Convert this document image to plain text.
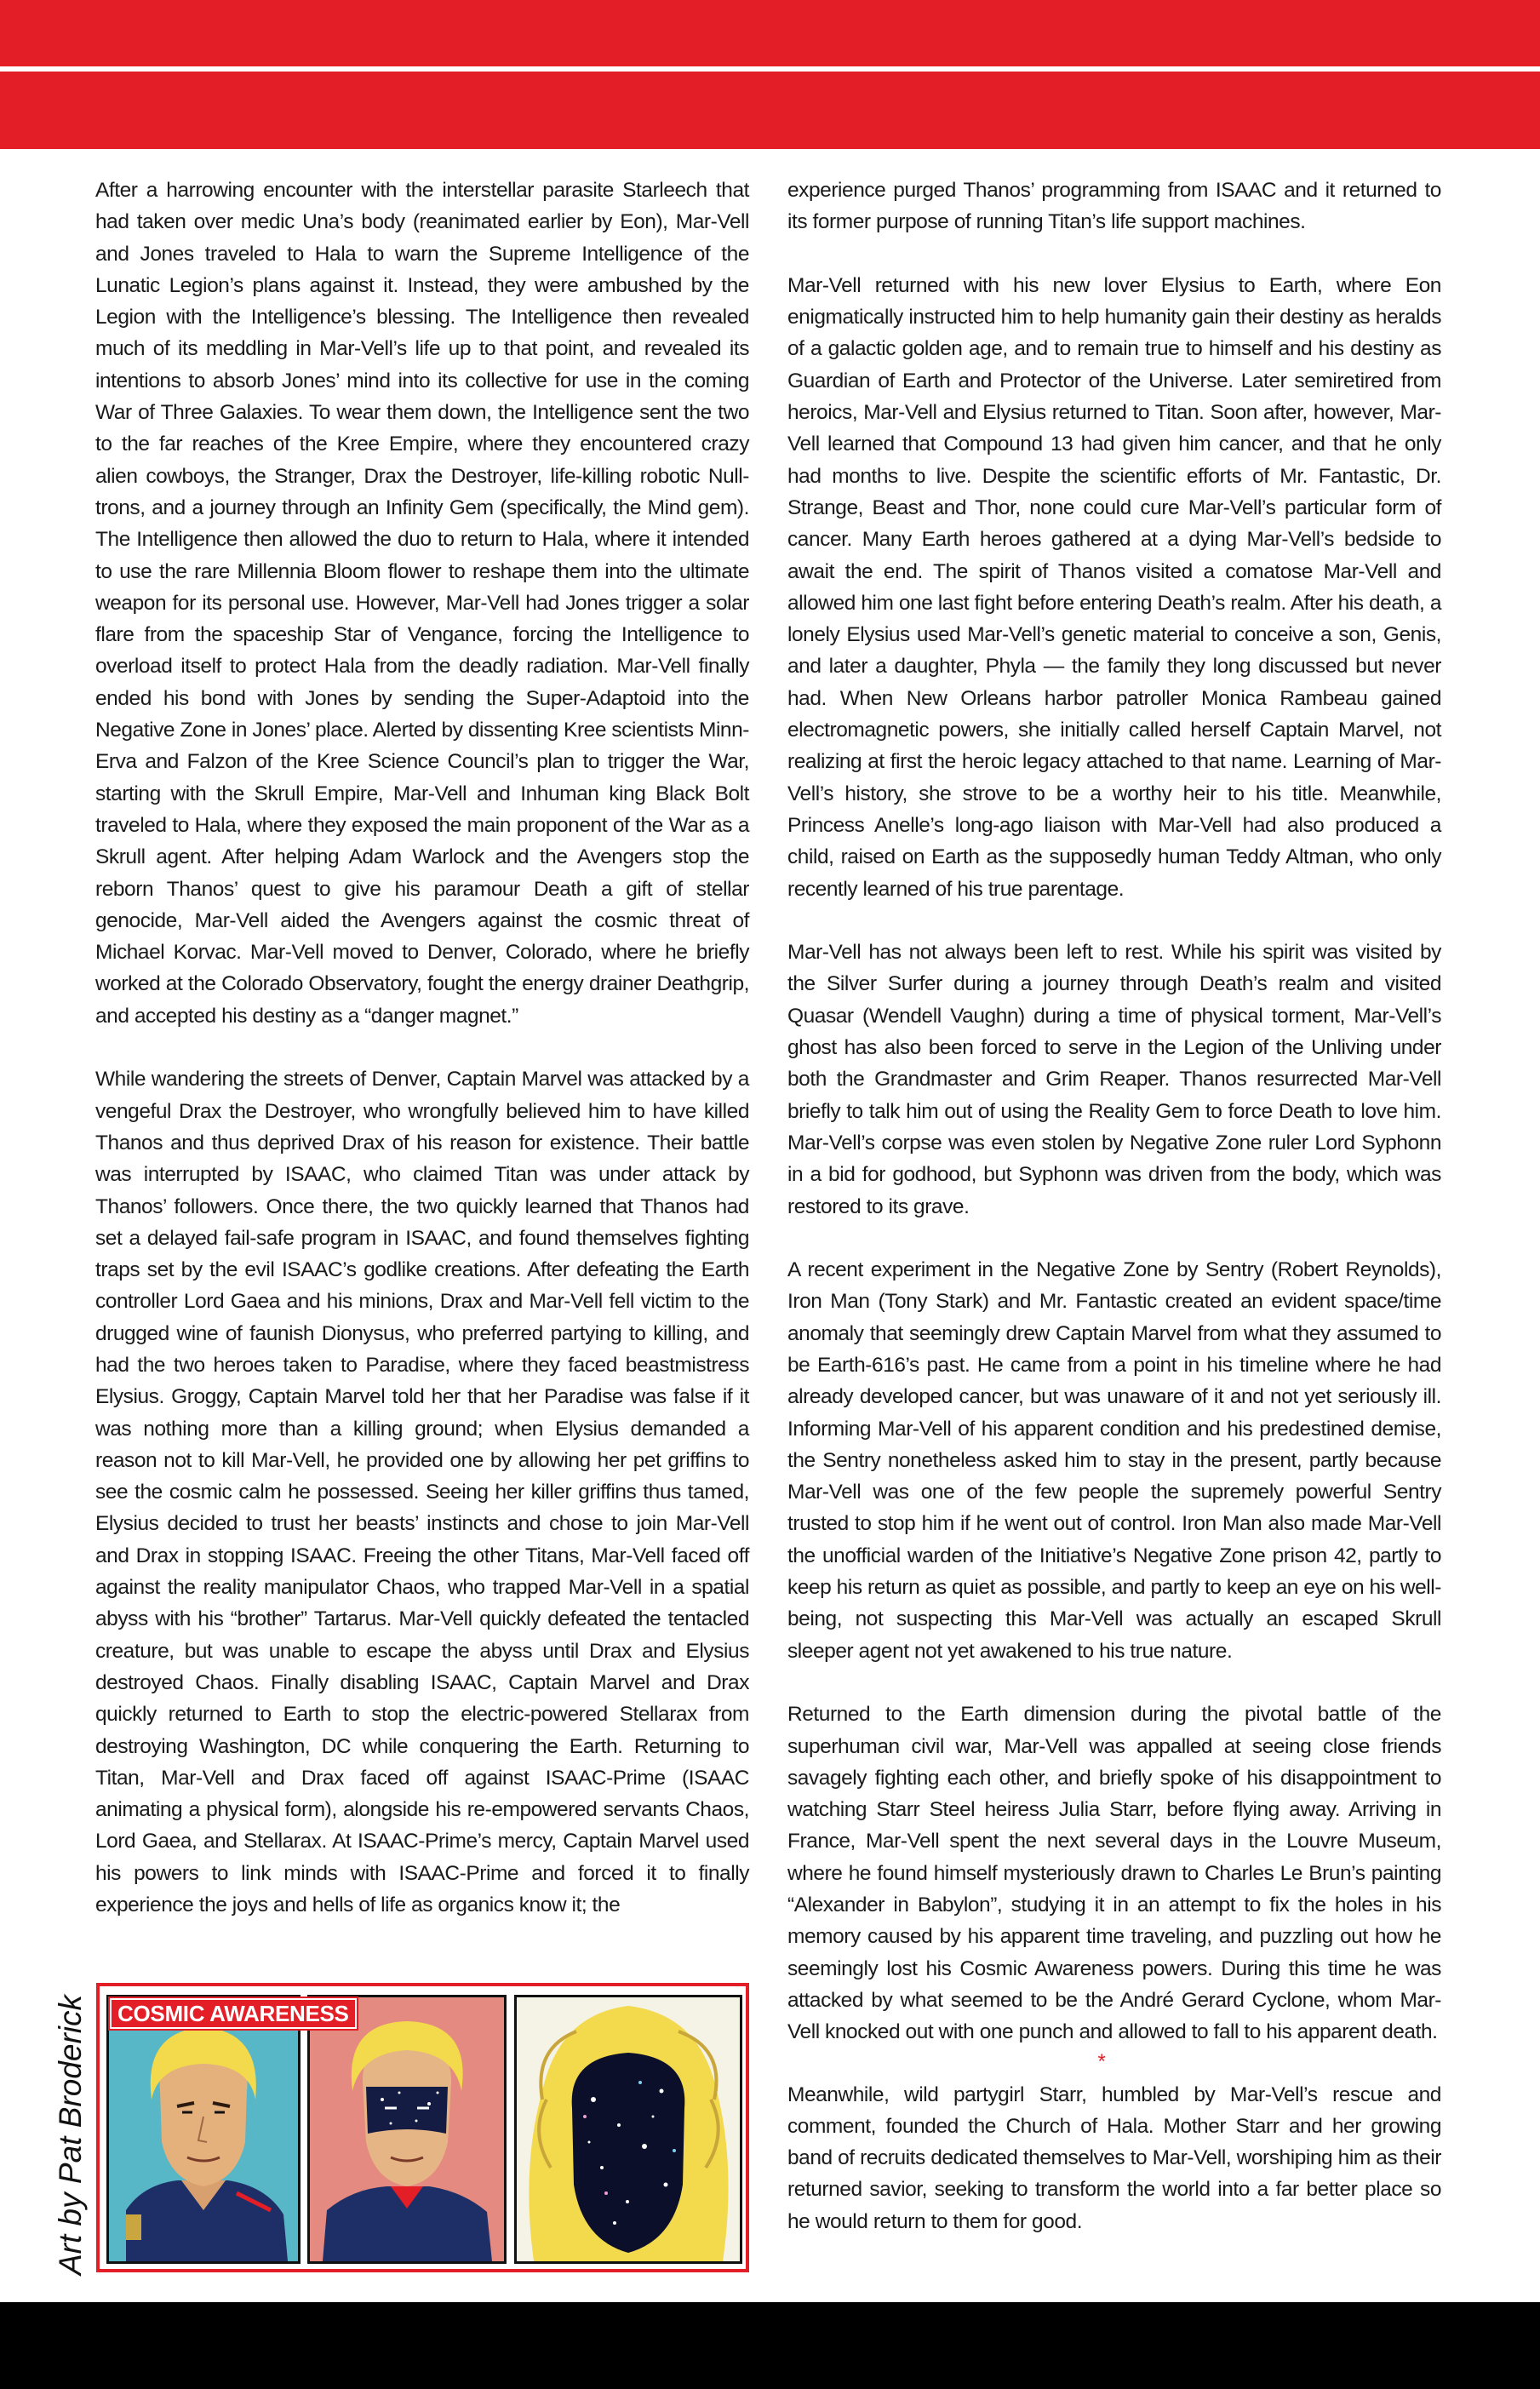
After a harrowing encounter with the interstellar parasite Starleech that had taken over medic Una’s body (reanimated earlier by Eon), Mar-Vell and Jones traveled to Hala to warn the Supreme Intelligence of the Lunatic Legion’s plans against it. Instead, they were ambushed by the Legion with the Intelligence’s blessing. The Intelligence then revealed much of its meddling in Mar-Vell’s life up to that point, and revealed its intentions to absorb Jones’ mind into its collective for use in the coming War of Three Galaxies. To wear them down, the Intelligence sent the two to the far reaches of the Kree Empire, where they encountered crazy alien cowboys, the Stranger, Drax the Destroyer, life-killing robotic Null-trons, and a journey through an Infinity Gem (specifically, the Mind gem). The Intelligence then allowed the duo to return to Hala, where it intended to use the rare Millennia Bloom flower to reshape them into the ultimate weapon for its personal use. However, Mar-Vell had Jones trigger a solar flare from the spaceship Star of Vengance, forcing the Intelligence to overload itself to protect Hala from the deadly radiation. Mar-Vell finally ended his bond with Jones by sending the Super-Adaptoid into the Negative Zone in Jones’ place. Alerted by dissenting Kree scientists Minn-Erva and Falzon of the Kree Science Council’s plan to trigger the War, starting with the Skrull Empire, Mar-Vell and Inhuman king Black Bolt traveled to Hala, where they exposed the main proponent of the War as a Skrull agent. After helping Adam Warlock and the Avengers stop the reborn Thanos’ quest to give his paramour Death a gift of stellar genocide, Mar-Vell aided the Avengers against the cosmic threat of Michael Korvac. Mar-Vell moved to Denver, Colorado, where he briefly worked at the Colorado Observatory, fought the energy drainer Deathgrip, and accepted his destiny as a “danger magnet.”

While wandering the streets of Denver, Captain Marvel was attacked by a vengeful Drax the Destroyer, who wrongfully believed him to have killed Thanos and thus deprived Drax of his reason for existence. Their battle was interrupted by ISAAC, who claimed Titan was under attack by Thanos’ followers. Once there, the two quickly learned that Thanos had set a delayed fail-safe program in ISAAC, and found themselves fighting traps set by the evil ISAAC’s godlike creations. After defeating the Earth controller Lord Gaea and his minions, Drax and Mar-Vell fell victim to the drugged wine of faunish Dionysus, who preferred partying to killing, and had the two heroes taken to Paradise, where they faced beastmistress Elysius. Groggy, Captain Marvel told her that her Paradise was false if it was nothing more than a killing ground; when Elysius demanded a reason not to kill Mar-Vell, he provided one by allowing her pet griffins to see the cosmic calm he possessed. Seeing her killer griffins thus tamed, Elysius decided to trust her beasts’ instincts and chose to join Mar-Vell and Drax in stopping ISAAC. Freeing the other Titans, Mar-Vell faced off against the reality manipulator Chaos, who trapped Mar-Vell in a spatial abyss with his “brother” Tartarus. Mar-Vell quickly defeated the tentacled creature, but was unable to escape the abyss until Drax and Elysius destroyed Chaos. Finally disabling ISAAC, Captain Marvel and Drax quickly returned to Earth to stop the electric-powered Stellarax from destroying Washington, DC while conquering the Earth. Returning to Titan, Mar-Vell and Drax faced off against ISAAC-Prime (ISAAC animating a physical form), alongside his re-empowered servants Chaos, Lord Gaea, and Stellarax. At ISAAC-Prime’s mercy, Captain Marvel used his powers to link minds with ISAAC-Prime and forced it to finally experience the joys and hells of life as organics know it; the

experience purged Thanos’ programming from ISAAC and it returned to its former purpose of running Titan’s life support machines.

Mar-Vell returned with his new lover Elysius to Earth, where Eon enigmatically instructed him to help humanity gain their destiny as heralds of a galactic golden age, and to remain true to himself and his destiny as Guardian of Earth and Protector of the Universe. Later semiretired from heroics, Mar-Vell and Elysius returned to Titan. Soon after, however, Mar-Vell learned that Compound 13 had given him cancer, and that he only had months to live. Despite the scientific efforts of Mr. Fantastic, Dr. Strange, Beast and Thor, none could cure Mar-Vell’s particular form of cancer. Many Earth heroes gathered at a dying Mar-Vell’s bedside to await the end. The spirit of Thanos visited a comatose Mar-Vell and allowed him one last fight before entering Death’s realm. After his death, a lonely Elysius used Mar-Vell’s genetic material to conceive a son, Genis, and later a daughter, Phyla — the family they long discussed but never had. When New Orleans harbor patroller Monica Rambeau gained electromagnetic powers, she initially called herself Captain Marvel, not realizing at first the heroic legacy attached to that name. Learning of Mar-Vell’s history, she strove to be a worthy heir to his title. Meanwhile, Princess Anelle’s long-ago liaison with Mar-Vell had also produced a child, raised on Earth as the supposedly human Teddy Altman, who only recently learned of his true parentage.

Mar-Vell has not always been left to rest. While his spirit was visited by the Silver Surfer during a journey through Death’s realm and visited Quasar (Wendell Vaughn) during a time of physical torment, Mar-Vell’s ghost has also been forced to serve in the Legion of the Unliving under both the Grandmaster and Grim Reaper. Thanos resurrected Mar-Vell briefly to talk him out of using the Reality Gem to force Death to love him. Mar-Vell’s corpse was even stolen by Negative Zone ruler Lord Syphonn in a bid for godhood, but Syphonn was driven from the body, which was restored to its grave.

A recent experiment in the Negative Zone by Sentry (Robert Reynolds), Iron Man (Tony Stark) and Mr. Fantastic created an evident space/time anomaly that seemingly drew Captain Marvel from what they assumed to be Earth-616’s past. He came from a point in his timeline where he had already developed cancer, but was unaware of it and not yet seriously ill. Informing Mar-Vell of his apparent condition and his predestined demise, the Sentry nonetheless asked him to stay in the present, partly because Mar-Vell was one of the few people the supremely powerful Sentry trusted to stop him if he went out of control. Iron Man also made Mar-Vell the unofficial warden of the Initiative’s Negative Zone prison 42, partly to keep his return as quiet as possible, and partly to keep an eye on his well-being, not suspecting this Mar-Vell was actually an escaped Skrull sleeper agent not yet awakened to his true nature.

Returned to the Earth dimension during the pivotal battle of the superhuman civil war, Mar-Vell was appalled at seeing close friends savagely fighting each other, and briefly spoke of his disappointment to watching Starr Steel heiress Julia Starr, before flying away. Arriving in France, Mar-Vell spent the next several days in the Louvre Museum, where he found himself mysteriously drawn to Charles Le Brun’s painting “Alexander in Babylon”, studying it in an attempt to fix the holes in his memory caused by his apparent time traveling, and puzzling out how he seemingly lost his Cosmic Awareness powers. During this time he was attacked by what seemed to be the André Gerard Cyclone, whom Mar-Vell knocked out with one punch and allowed to fall to his apparent death.

*

Meanwhile, wild partygirl Starr, humbled by Mar-Vell’s rescue and comment, founded the Church of Hala. Mother Starr and her growing band of recruits dedicated themselves to Mar-Vell, worshiping him as their returned savior, seeking to transform the world into a far better place so he would return to them for good.

Art by Pat Broderick	COSMIC AWARENESS
